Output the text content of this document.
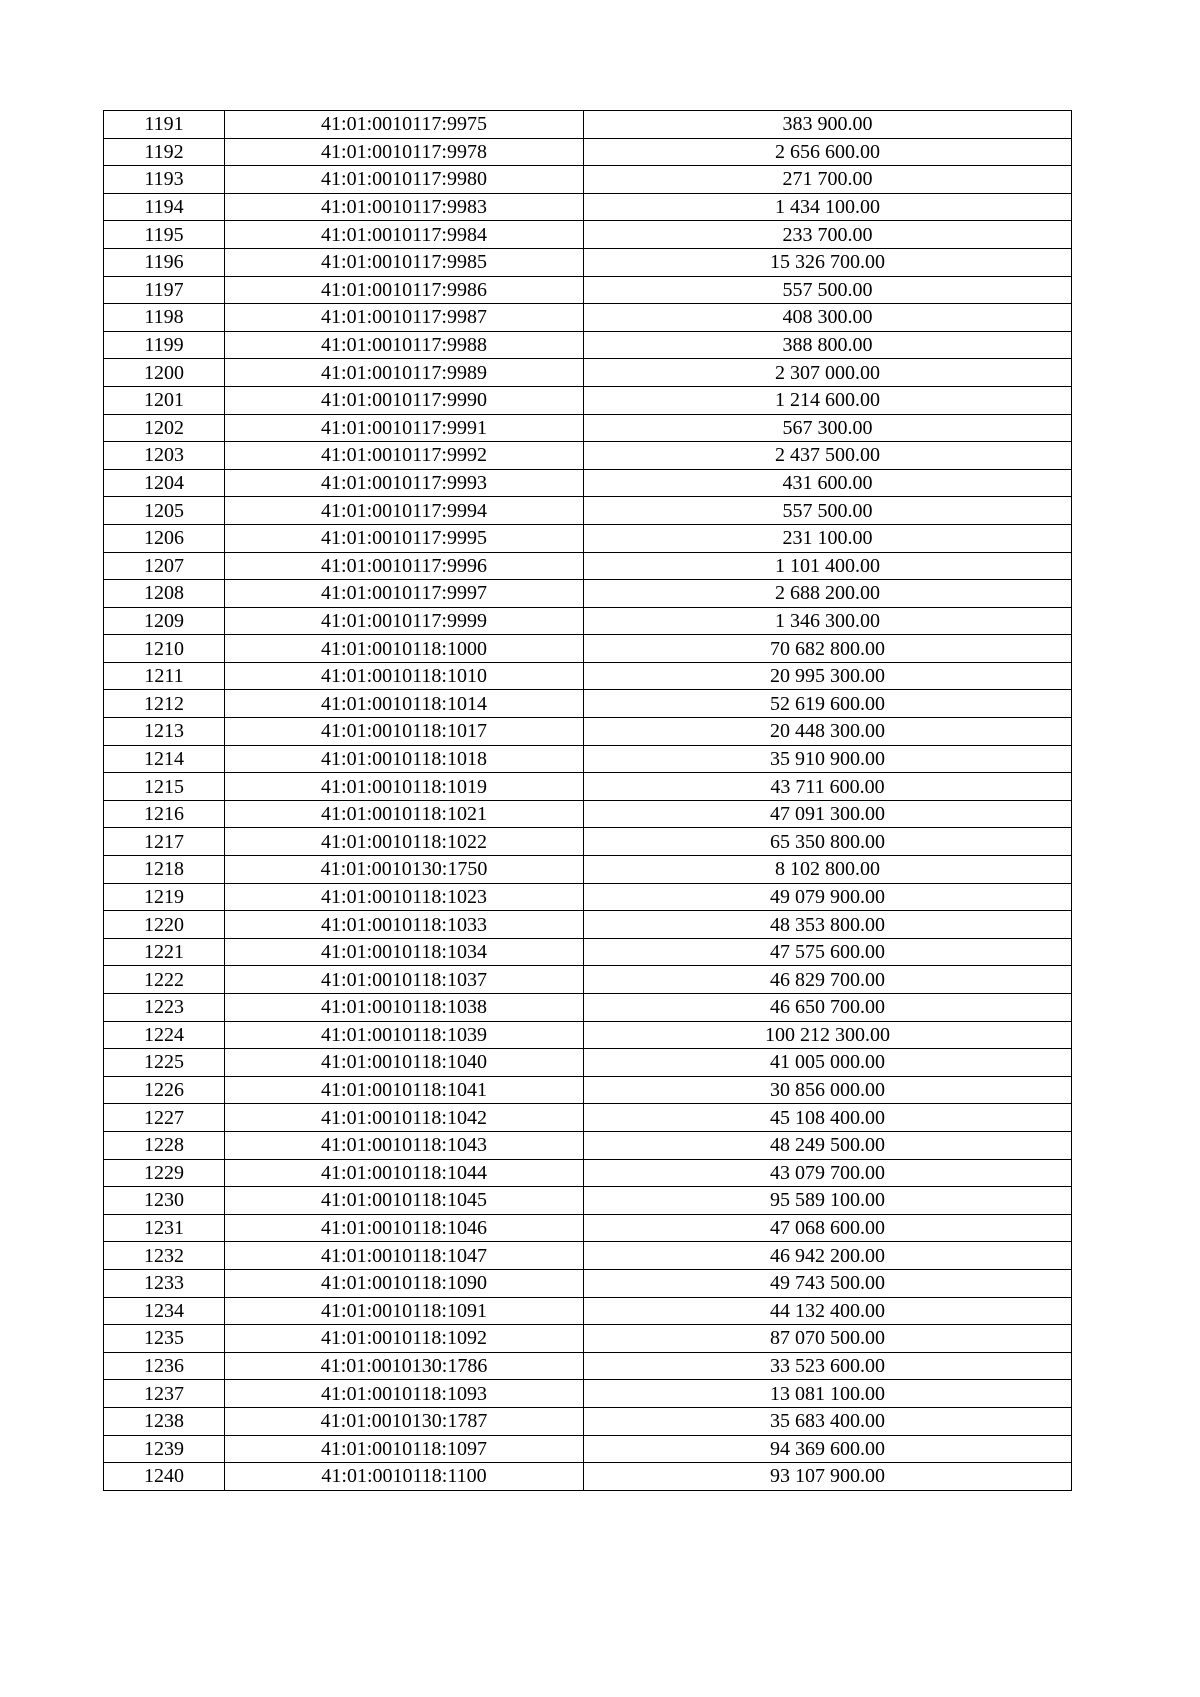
1191	41:01:0010117:9975	383 900.00
1192	41:01:0010117:9978	2 656 600.00
1193	41:01:0010117:9980	271 700.00
1194	41:01:0010117:9983	1 434 100.00
1195	41:01:0010117:9984	233 700.00
1196	41:01:0010117:9985	15 326 700.00
1197	41:01:0010117:9986	557 500.00
1198	41:01:0010117:9987	408 300.00
1199	41:01:0010117:9988	388 800.00
1200	41:01:0010117:9989	2 307 000.00
1201	41:01:0010117:9990	1 214 600.00
1202	41:01:0010117:9991	567 300.00
1203	41:01:0010117:9992	2 437 500.00
1204	41:01:0010117:9993	431 600.00
1205	41:01:0010117:9994	557 500.00
1206	41:01:0010117:9995	231 100.00
1207	41:01:0010117:9996	1 101 400.00
1208	41:01:0010117:9997	2 688 200.00
1209	41:01:0010117:9999	1 346 300.00
1210	41:01:0010118:1000	70 682 800.00
1211	41:01:0010118:1010	20 995 300.00
1212	41:01:0010118:1014	52 619 600.00
1213	41:01:0010118:1017	20 448 300.00
1214	41:01:0010118:1018	35 910 900.00
1215	41:01:0010118:1019	43 711 600.00
1216	41:01:0010118:1021	47 091 300.00
1217	41:01:0010118:1022	65 350 800.00
1218	41:01:0010130:1750	8 102 800.00
1219	41:01:0010118:1023	49 079 900.00
1220	41:01:0010118:1033	48 353 800.00
1221	41:01:0010118:1034	47 575 600.00
1222	41:01:0010118:1037	46 829 700.00
1223	41:01:0010118:1038	46 650 700.00
1224	41:01:0010118:1039	100 212 300.00
1225	41:01:0010118:1040	41 005 000.00
1226	41:01:0010118:1041	30 856 000.00
1227	41:01:0010118:1042	45 108 400.00
1228	41:01:0010118:1043	48 249 500.00
1229	41:01:0010118:1044	43 079 700.00
1230	41:01:0010118:1045	95 589 100.00
1231	41:01:0010118:1046	47 068 600.00
1232	41:01:0010118:1047	46 942 200.00
1233	41:01:0010118:1090	49 743 500.00
1234	41:01:0010118:1091	44 132 400.00
1235	41:01:0010118:1092	87 070 500.00
1236	41:01:0010130:1786	33 523 600.00
1237	41:01:0010118:1093	13 081 100.00
1238	41:01:0010130:1787	35 683 400.00
1239	41:01:0010118:1097	94 369 600.00
1240	41:01:0010118:1100	93 107 900.00
